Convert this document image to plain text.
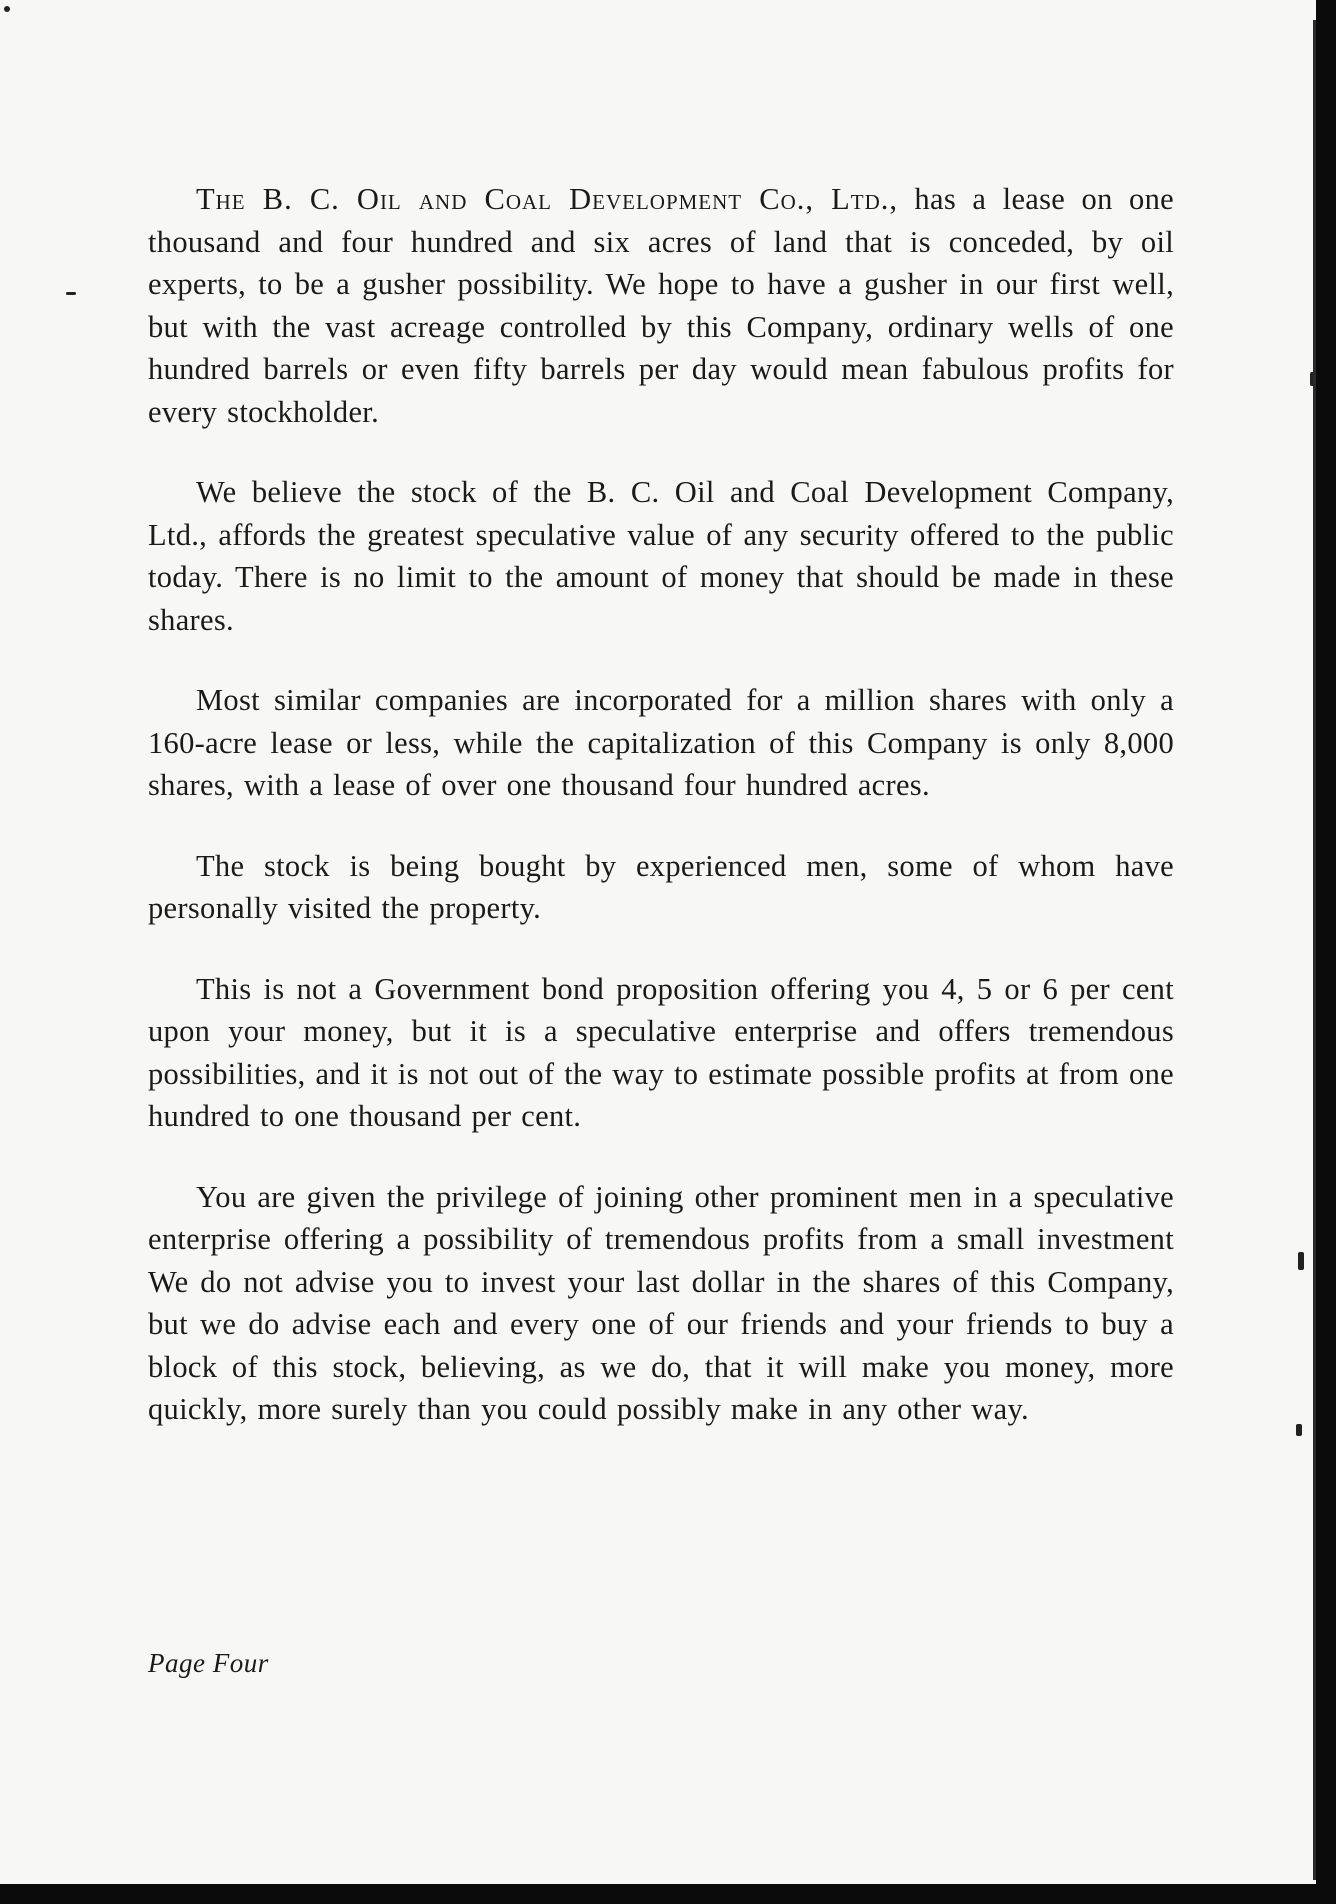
The B. C. Oil and Coal Development Co., Ltd., has a lease on one thousand and four hundred and six acres of land that is conceded, by oil experts, to be a gusher possibility. We hope to have a gusher in our first well, but with the vast acreage controlled by this Company, ordinary wells of one hundred barrels or even fifty barrels per day would mean fabulous profits for every stockholder.

We believe the stock of the B. C. Oil and Coal Development Company, Ltd., affords the greatest speculative value of any security offered to the public today. There is no limit to the amount of money that should be made in these shares.

Most similar companies are incorporated for a million shares with only a 160-acre lease or less, while the capitalization of this Company is only 8,000 shares, with a lease of over one thousand four hundred acres.

The stock is being bought by experienced men, some of whom have personally visited the property.

This is not a Government bond proposition offering you 4, 5 or 6 per cent upon your money, but it is a speculative enterprise and offers tremendous possibilities, and it is not out of the way to estimate possible profits at from one hundred to one thousand per cent.

You are given the privilege of joining other prominent men in a speculative enterprise offering a possibility of tremendous profits from a small investment We do not advise you to invest your last dollar in the shares of this Company, but we do advise each and every one of our friends and your friends to buy a block of this stock, believing, as we do, that it will make you money, more quickly, more surely than you could possibly make in any other way.

Page Four
